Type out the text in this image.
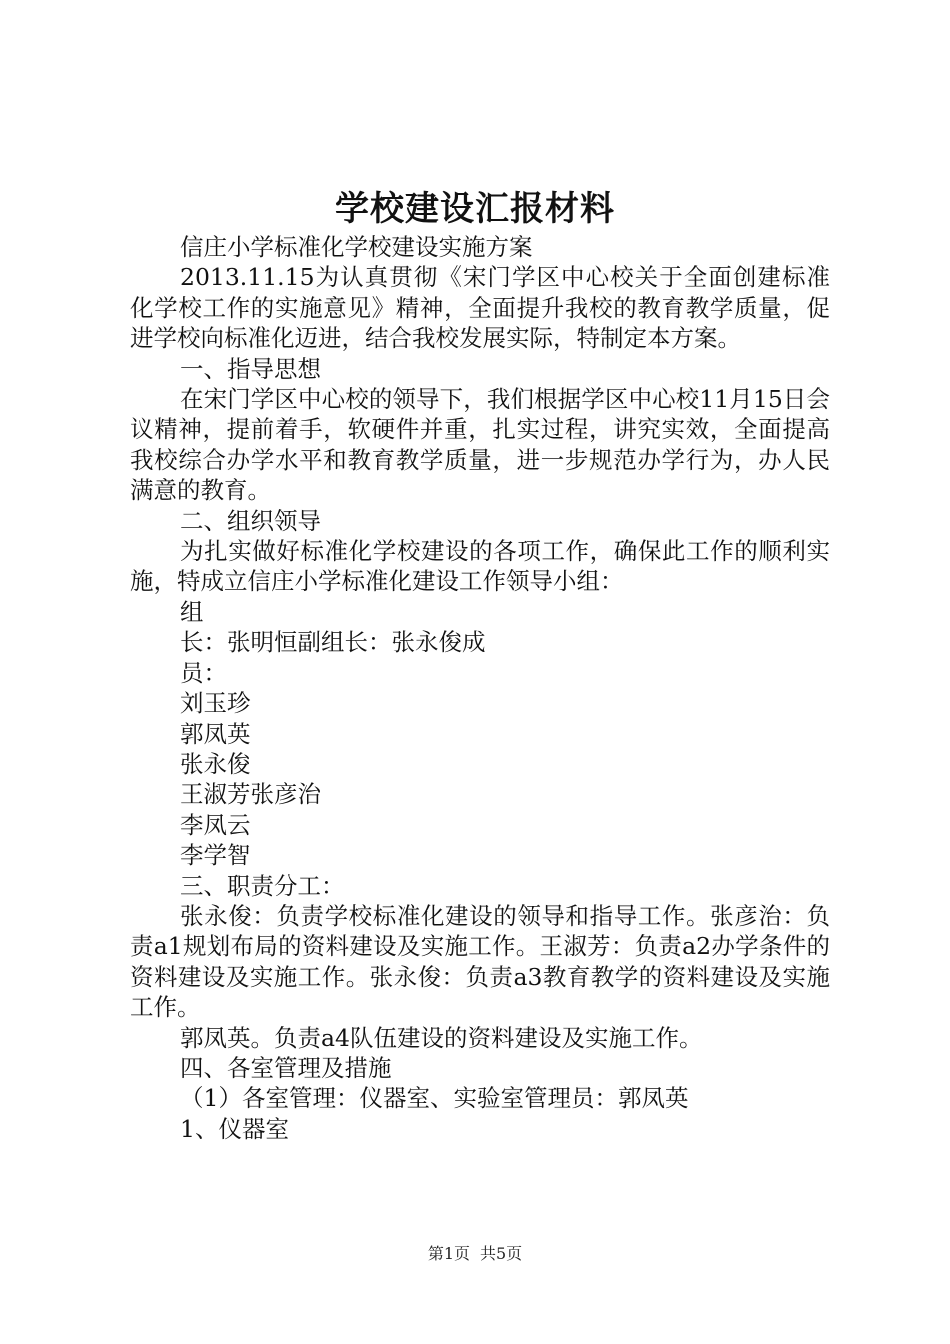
学校建设汇报材料

信庄小学标准化学校建设实施方案

2013.11.15为认真贯彻《宋门学区中心校关于全面创建标准化学校工作的实施意见》精神，全面提升我校的教育教学质量，促进学校向标准化迈进，结合我校发展实际，特制定本方案。

一、指导思想

在宋门学区中心校的领导下，我们根据学区中心校11月15日会议精神，提前着手，软硬件并重，扎实过程，讲究实效，全面提高我校综合办学水平和教育教学质量，进一步规范办学行为，办人民满意的教育。

二、组织领导

为扎实做好标准化学校建设的各项工作，确保此工作的顺利实施，特成立信庄小学标准化建设工作领导小组：

组

长：张明恒副组长：张永俊成

员：

刘玉珍

郭凤英

张永俊

王淑芳张彦治

李凤云

李学智

三、职责分工：

张永俊：负责学校标准化建设的领导和指导工作。张彦治：负责a1规划布局的资料建设及实施工作。王淑芳：负责a2办学条件的资料建设及实施工作。张永俊：负责a3教育教学的资料建设及实施工作。

郭凤英。负责a4队伍建设的资料建设及实施工作。

四、各室管理及措施

（1）各室管理：仪器室、实验室管理员：郭凤英

1、仪器室

第1页 共5页
